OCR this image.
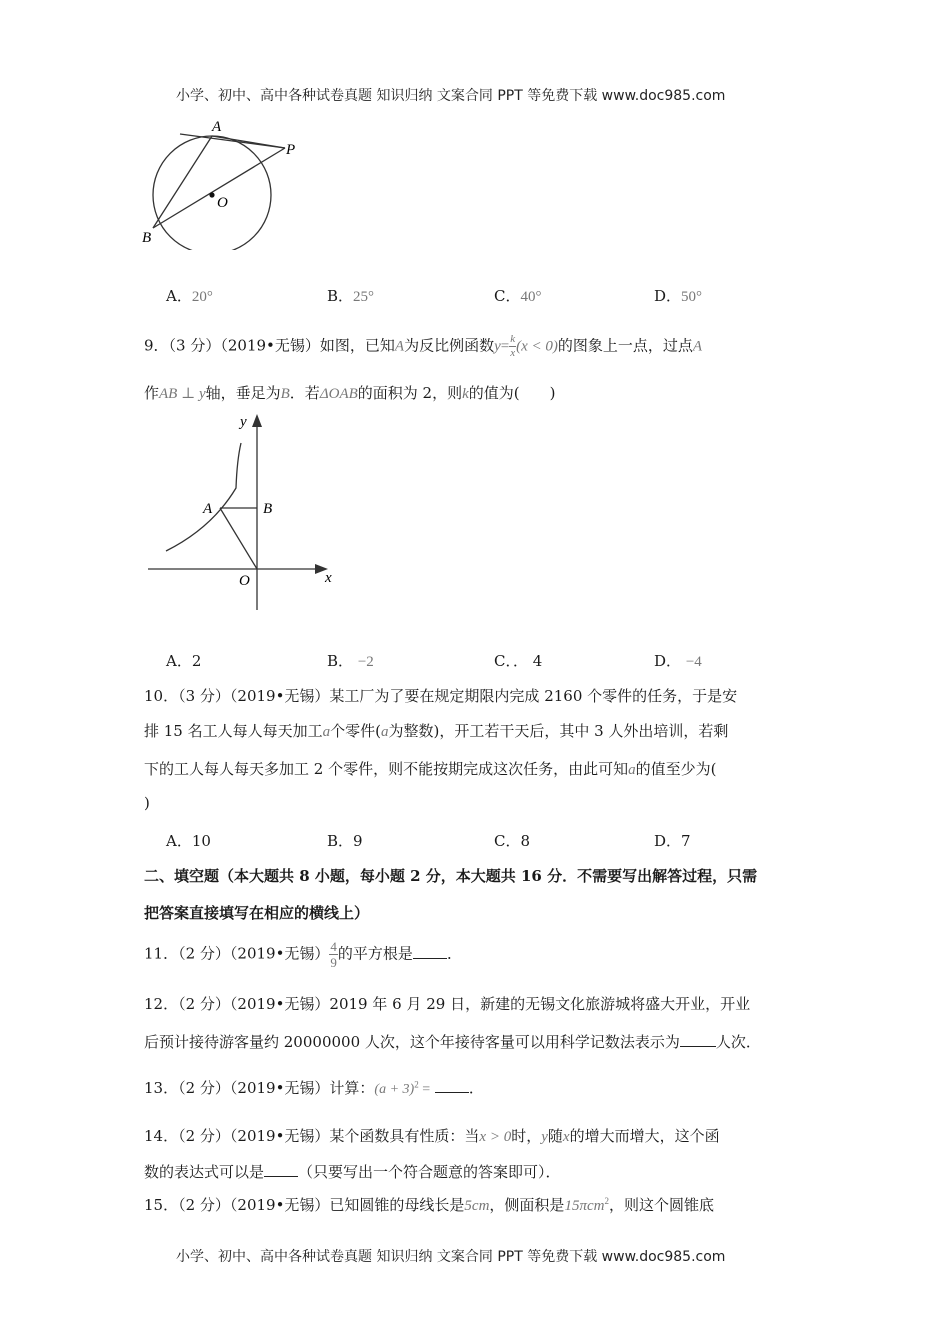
小学、初中、高中各种试卷真题 知识归纳 文案合同 PPT 等免费下载 www.doc985.com
A
P
O
B
A．20°	B．25°	C．40°	D．50°
9．（3 分）（2019•无锡）如图，已知A为反比例函数$y= \frac{k}{x} (x < 0)$的图象上一点，过点A
作AB ⊥ y轴，垂足为B．若ΔOAB的面积为 2，则k的值为(　　)
y
A	B
O	x
A．2	B． −2	C．． 4	D． −4
10．（3 分）（2019•无锡）某工厂为了要在规定期限内完成 2160 个零件的任务，于是安
排 15 名工人每人每天加工a个零件(a为整数)，开工若干天后，其中 3 人外出培训，若剩
下的工人每人每天多加工 2 个零件，则不能按期完成这次任务，由此可知a的值至少为(
)
A．10	B．9	C．8	D．7
二、填空题（本大题共 8 小题，每小题 2 分，本大题共 16 分．不需要写出解答过程，只需
把答案直接填写在相应的横线上）
11．（2 分）（2019•无锡） $\frac{4}{9}$ 的平方根是 ．
12．（2 分）（2019•无锡）2019 年 6 月 29 日，新建的无锡文化旅游城将盛大开业，开业
后预计接待游客量约 20000000 人次，这个年接待客量可以用科学记数法表示为 人次．
13．（2 分）（2019•无锡）计算：$(a + 3)^2$ =	．
14．（2 分）（2019•无锡）某个函数具有性质：当x > 0时，y随x的增大而增大，这个函
数的表达式可以是 （只要写出一个符合题意的答案即可）．
15．（2 分）（2019•无锡）已知圆锥的母线长是5cm，侧面积是15πcm$^2$，则这个圆锥底
小学、初中、高中各种试卷真题 知识归纳 文案合同 PPT 等免费下载 www.doc985.com
